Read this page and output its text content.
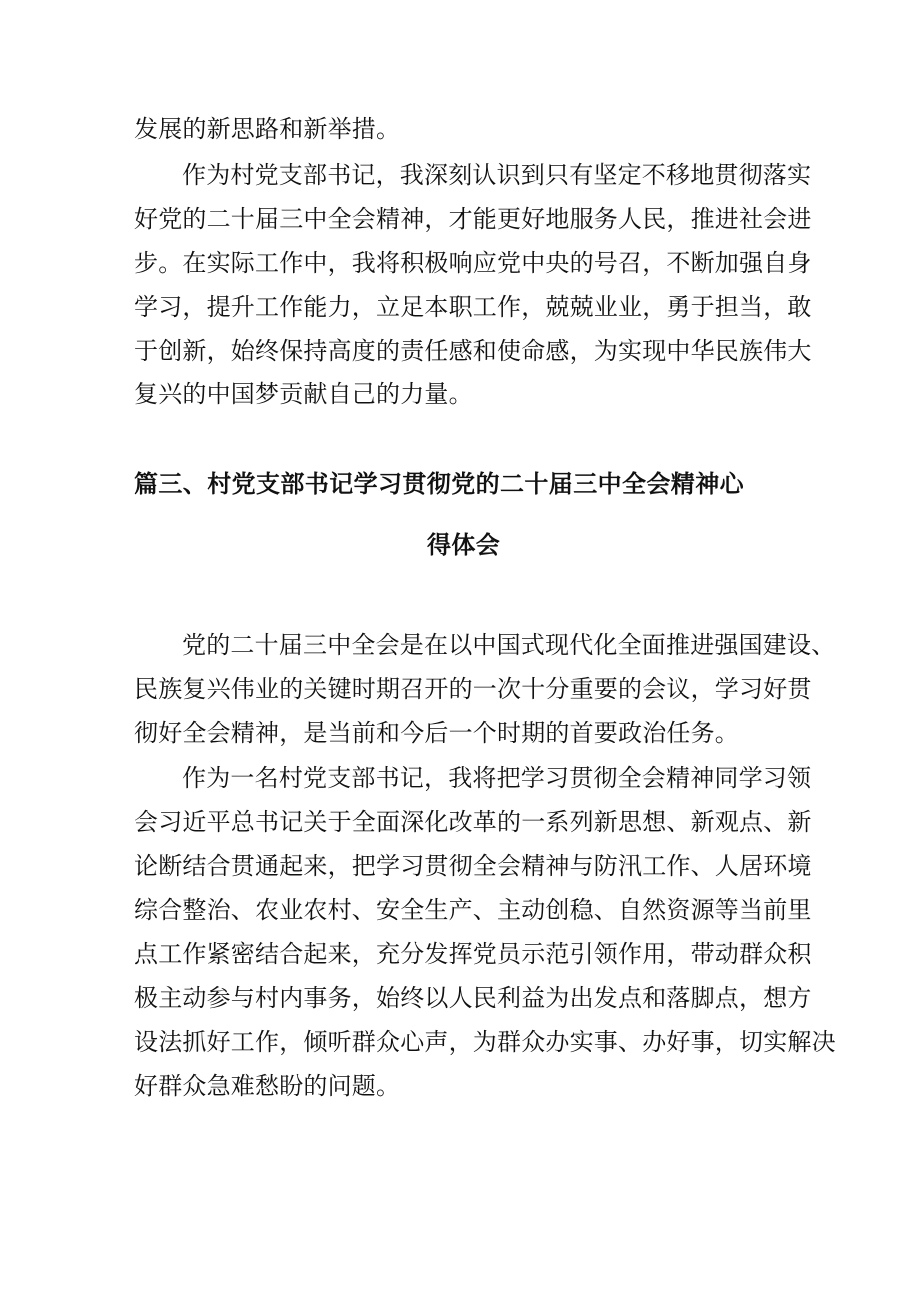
发展的新思路和新举措。
作为村党支部书记，我深刻认识到只有坚定不移地贯彻落实
好党的二十届三中全会精神，才能更好地服务人民，推进社会进
步。在实际工作中，我将积极响应党中央的号召，不断加强自身
学习，提升工作能力，立足本职工作，兢兢业业，勇于担当，敢
于创新，始终保持高度的责任感和使命感，为实现中华民族伟大
复兴的中国梦贡献自己的力量。
篇三、村党支部书记学习贯彻党的二十届三中全会精神心
得体会
党的二十届三中全会是在以中国式现代化全面推进强国建设、
民族复兴伟业的关键时期召开的一次十分重要的会议，学习好贯
彻好全会精神，是当前和今后一个时期的首要政治任务。
作为一名村党支部书记，我将把学习贯彻全会精神同学习领
会习近平总书记关于全面深化改革的一系列新思想、新观点、新
论断结合贯通起来，把学习贯彻全会精神与防汛工作、人居环境
综合整治、农业农村、安全生产、主动创稳、自然资源等当前里
点工作紧密结合起来，充分发挥党员示范引领作用，带动群众积
极主动参与村内事务，始终以人民利益为出发点和落脚点，想方
设法抓好工作，倾听群众心声，为群众办实事、办好事，切实解决
好群众急难愁盼的问题。
